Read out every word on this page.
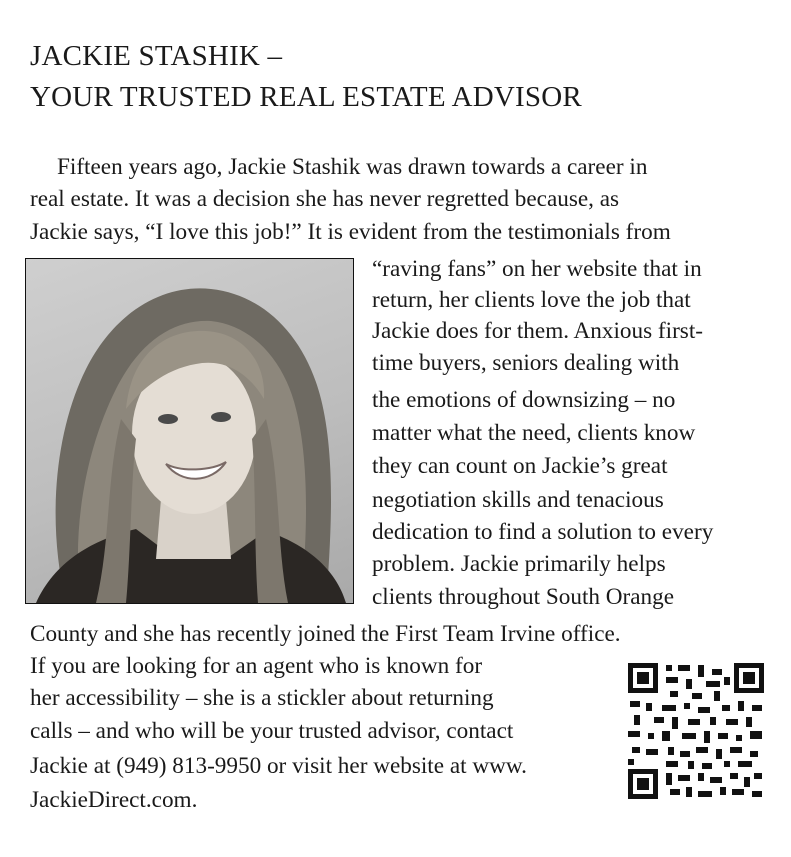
JACKIE STASHIK –
YOUR TRUSTED REAL ESTATE ADVISOR
Fifteen years ago, Jackie Stashik was drawn towards a career in
real estate. It was a decision she has never regretted because, as
Jackie says, “I love this job!” It is evident from the testimonials from
“raving fans” on her website that in
return, her clients love the job that
Jackie does for them. Anxious first-
time buyers, seniors dealing with
the emotions of downsizing – no
matter what the need, clients know
they can count on Jackie’s great
negotiation skills and tenacious
dedication to find a solution to every
problem. Jackie primarily helps
clients throughout South Orange
County and she has recently joined the First Team Irvine office.
If you are looking for an agent who is known for
her accessibility – she is a stickler about returning
calls – and who will be your trusted advisor, contact
Jackie at (949) 813-9950 or visit her website at www.
JackieDirect.com.
